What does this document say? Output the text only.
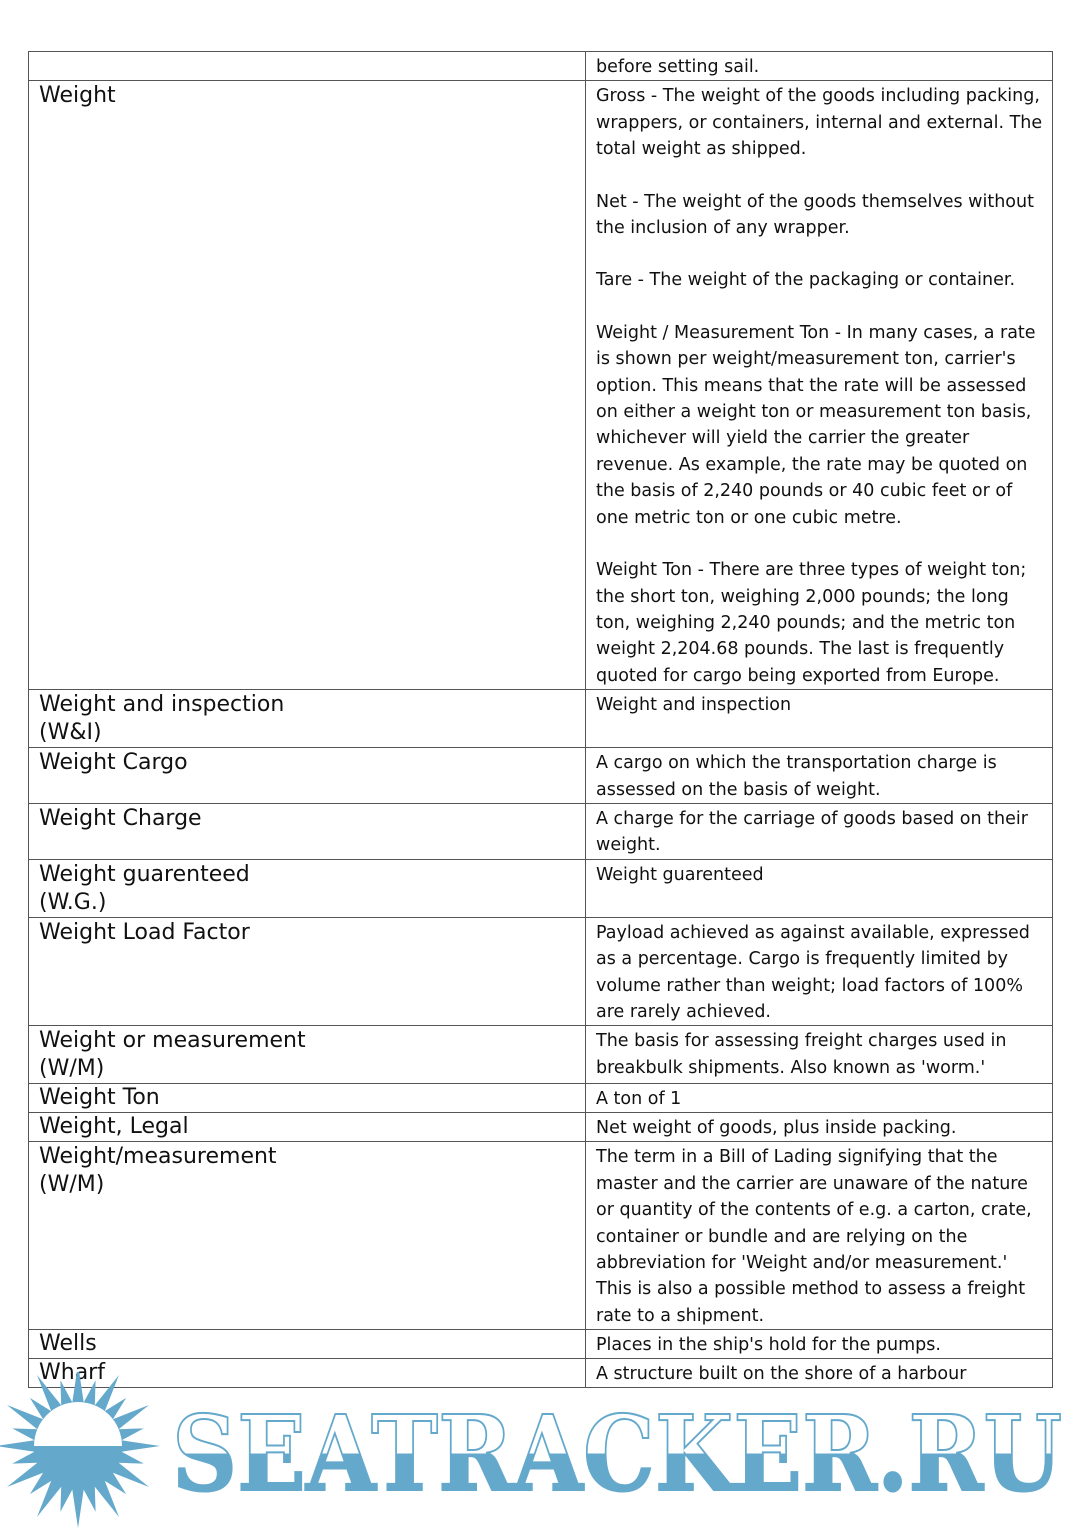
	before setting sail.

Weight	Gross - The weight of the goods including packing, wrappers, or containers, internal and external. The total weight as shipped.

Net - The weight of the goods themselves without the inclusion of any wrapper.

Tare - The weight of the packaging or container.

Weight / Measurement Ton - In many cases, a rate is shown per weight/measurement ton, carrier's option. This means that the rate will be assessed on either a weight ton or measurement ton basis, whichever will yield the carrier the greater revenue. As example, the rate may be quoted on the basis of 2,240 pounds or 40 cubic feet or of one metric ton or one cubic metre.

Weight Ton - There are three types of weight ton; the short ton, weighing 2,000 pounds; the long ton, weighing 2,240 pounds; and the metric ton weight 2,204.68 pounds. The last is frequently quoted for cargo being exported from Europe.

Weight and inspection
(W&I)	Weight and inspection

Weight Cargo	A cargo on which the transportation charge is assessed on the basis of weight.

Weight Charge	A charge for the carriage of goods based on their weight.

Weight guarenteed
(W.G.)	Weight guarenteed

Weight Load Factor	Payload achieved as against available, expressed as a percentage. Cargo is frequently limited by volume rather than weight; load factors of 100% are rarely achieved.

Weight or measurement
(W/M)	The basis for assessing freight charges used in breakbulk shipments. Also known as 'worm.'

Weight Ton	A ton of 1

Weight, Legal	Net weight of goods, plus inside packing.

Weight/measurement
(W/M)	The term in a Bill of Lading signifying that the master and the carrier are unaware of the nature or quantity of the contents of e.g. a carton, crate, container or bundle and are relying on the abbreviation for 'Weight and/or measurement.' This is also a possible method to assess a freight rate to a shipment.

Wells	Places in the ship's hold for the pumps.

Wharf	A structure built on the shore of a harbour

SEATRACKER.RU
